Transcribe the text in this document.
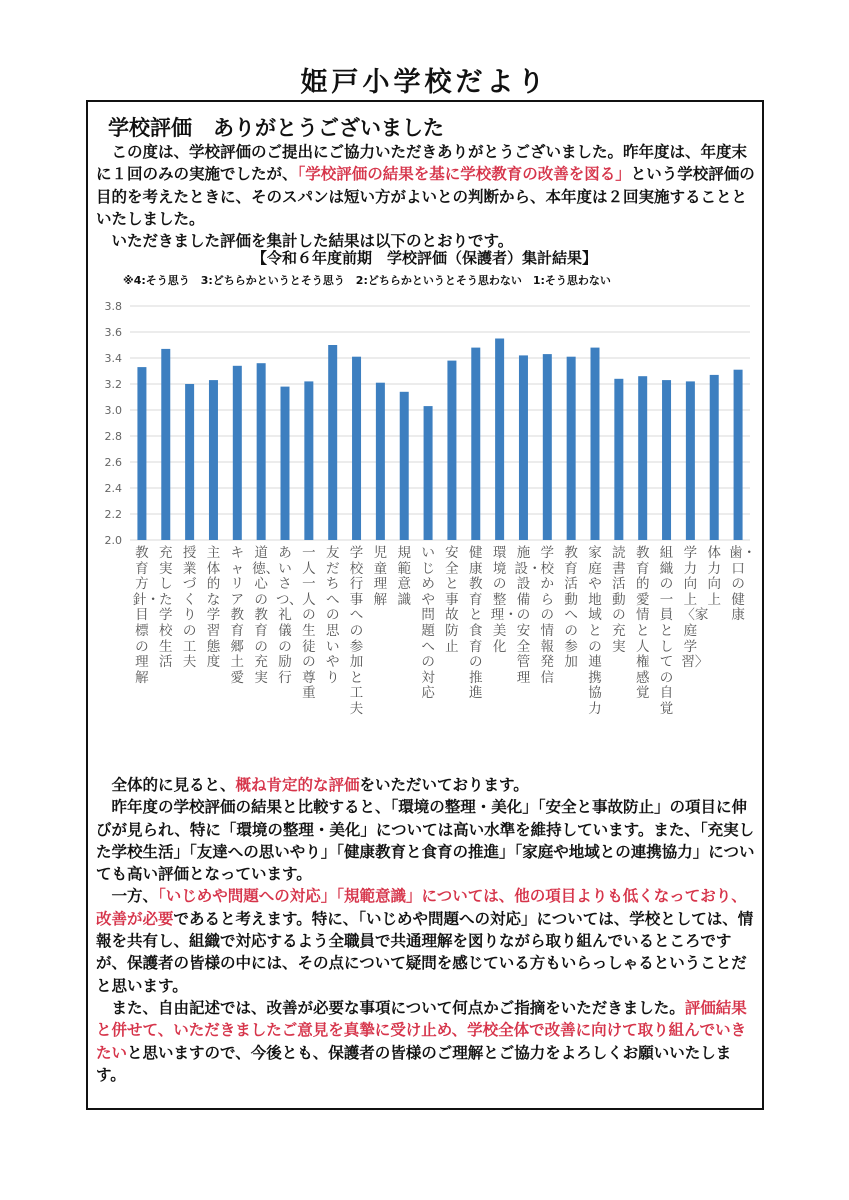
姫戸小学校だより
学校評価　ありがとうございました
　この度は、学校評価のご提出にご協力いただきありがとうございました。昨年度は、年度末に１回のみの実施でしたが、「学校評価の結果を基に学校教育の改善を図る」という学校評価の目的を考えたときに、そのスパンは短い方がよいとの判断から、本年度は２回実施することといたしました。
　いただきました評価を集計した結果は以下のとおりです。
【令和６年度前期　学校評価（保護者）集計結果】
※4:そう思う　3:どちらかというとそう思う　2:どちらかというとそう思わない　1:そう思わない
2.0
2.2
2.4
2.6
2.8
3.0
3.2
3.4
3.6
3.8
教育方針・目標の理解
充実した学校生活
授業づくりの工夫
主体的な学習態度
キャリア教育郷土愛
道徳、心の教育の充実
あいさつ、礼儀の励行
一人一人の生徒の尊重
友だちへの思いやり
学校行事への参加と工夫
児童理解
規範意識
いじめや問題への対応
安全と事故防止
健康教育と食育の推進
環境の整理・美化
施設・設備の安全管理
学校からの情報発信
教育活動への参加
家庭や地域との連携協力
読書活動の充実
教育的愛情と人権感覚
組織の一員としての自覚
学力向上〈家庭学習〉
体力向上
歯・口の健康
　全体的に見ると、概ね肯定的な評価をいただいております。
　昨年度の学校評価の結果と比較すると、「環境の整理・美化」「安全と事故防止」の項目に伸びが見られ、特に「環境の整理・美化」については高い水準を維持しています。また、「充実した学校生活」「友達への思いやり」「健康教育と食育の推進」「家庭や地域との連携協力」についても高い評価となっています。
　一方、「いじめや問題への対応」「規範意識」については、他の項目よりも低くなっており、改善が必要であると考えます。特に、「いじめや問題への対応」については、学校としては、情報を共有し、組織で対応するよう全職員で共通理解を図りながら取り組んでいるところですが、保護者の皆様の中には、その点について疑問を感じている方もいらっしゃるということだと思います。
　また、自由記述では、改善が必要な事項について何点かご指摘をいただきました。評価結果と併せて、いただきましたご意見を真摯に受け止め、学校全体で改善に向けて取り組んでいきたいと思いますので、今後とも、保護者の皆様のご理解とご協力をよろしくお願いいたします。
